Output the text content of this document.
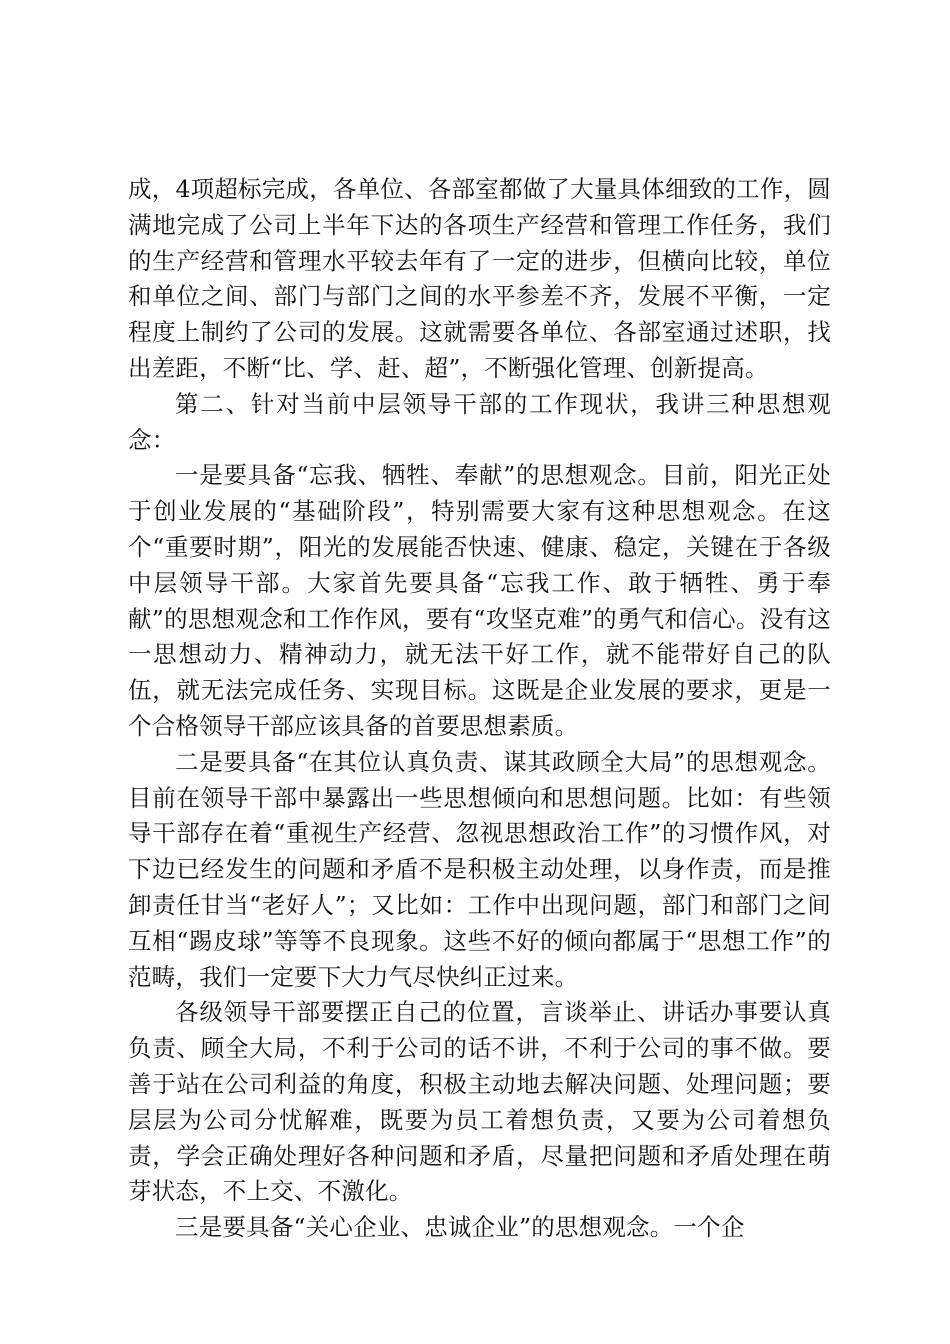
成，4项超标完成，各单位、各部室都做了大量具体细致的工作，圆满地完成了公司上半年下达的各项生产经营和管理工作任务，我们的生产经营和管理水平较去年有了一定的进步，但横向比较，单位和单位之间、部门与部门之间的水平参差不齐，发展不平衡，一定程度上制约了公司的发展。这就需要各单位、各部室通过述职，找出差距，不断“比、学、赶、超”，不断强化管理、创新提高。

第二、针对当前中层领导干部的工作现状，我讲三种思想观念：

一是要具备“忘我、牺牲、奉献”的思想观念。目前，阳光正处于创业发展的“基础阶段”，特别需要大家有这种思想观念。在这个“重要时期”，阳光的发展能否快速、健康、稳定，关键在于各级中层领导干部。大家首先要具备“忘我工作、敢于牺牲、勇于奉献”的思想观念和工作作风，要有“攻坚克难”的勇气和信心。没有这一思想动力、精神动力，就无法干好工作，就不能带好自己的队伍，就无法完成任务、实现目标。这既是企业发展的要求，更是一个合格领导干部应该具备的首要思想素质。

二是要具备“在其位认真负责、谋其政顾全大局”的思想观念。目前在领导干部中暴露出一些思想倾向和思想问题。比如：有些领导干部存在着“重视生产经营、忽视思想政治工作”的习惯作风，对下边已经发生的问题和矛盾不是积极主动处理，以身作责，而是推卸责任甘当“老好人”；又比如：工作中出现问题，部门和部门之间互相“踢皮球”等等不良现象。这些不好的倾向都属于“思想工作”的范畴，我们一定要下大力气尽快纠正过来。

各级领导干部要摆正自己的位置，言谈举止、讲话办事要认真负责、顾全大局，不利于公司的话不讲，不利于公司的事不做。要善于站在公司利益的角度，积极主动地去解决问题、处理问题；要层层为公司分忧解难，既要为员工着想负责，又要为公司着想负责，学会正确处理好各种问题和矛盾，尽量把问题和矛盾处理在萌芽状态，不上交、不激化。

三是要具备“关心企业、忠诚企业”的思想观念。一个企
